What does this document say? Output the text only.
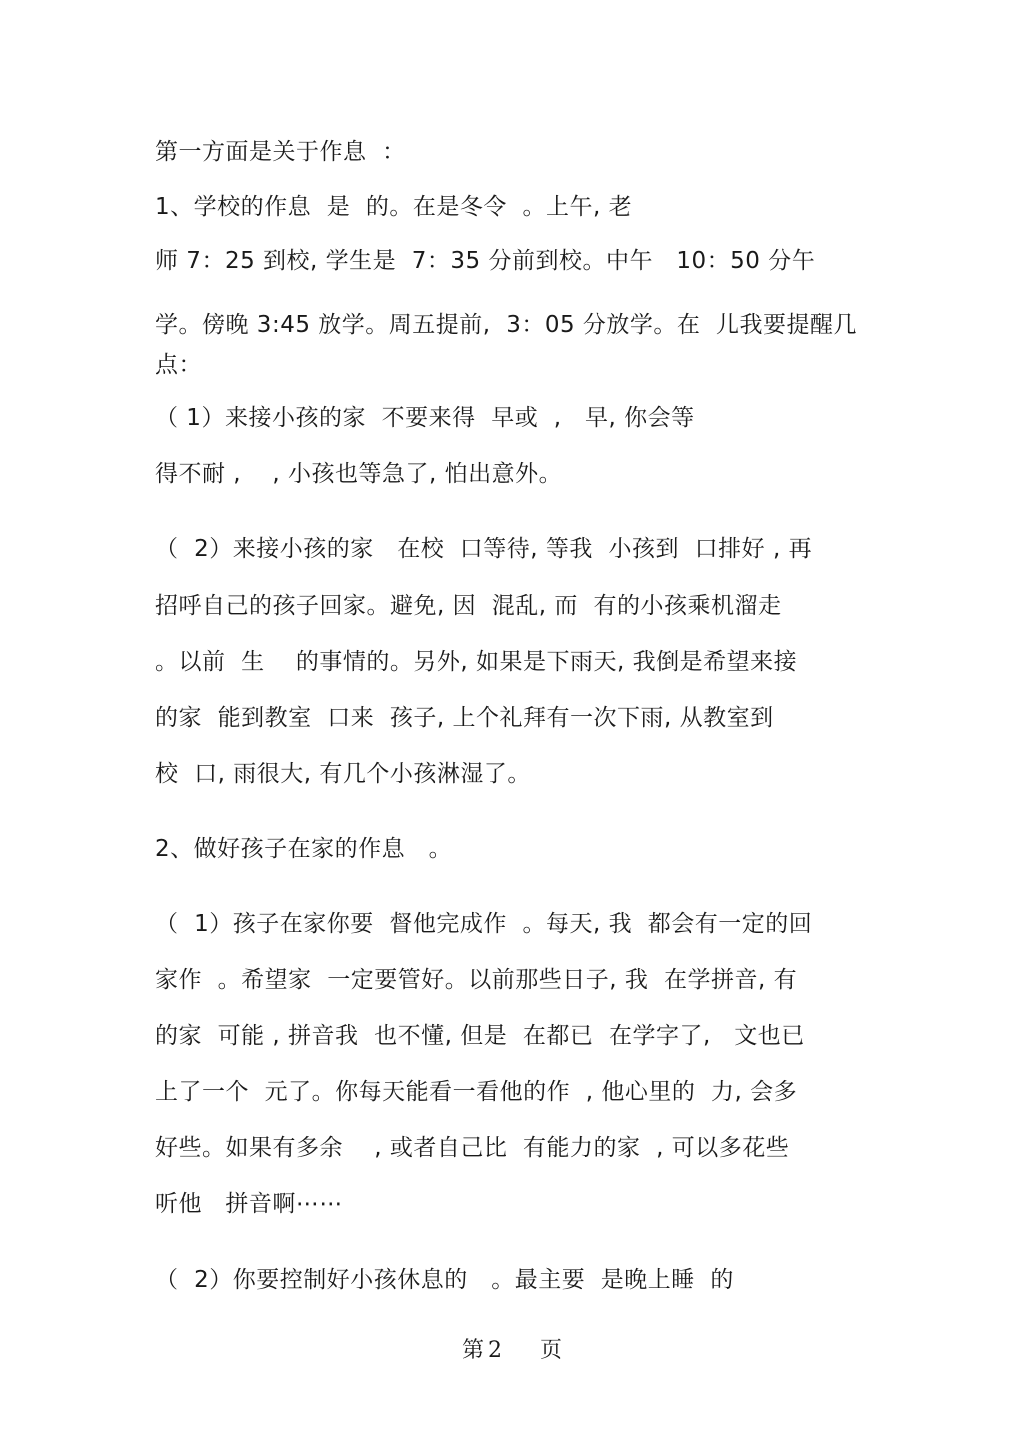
第一方面是关于作息  ：
1、学校的作息  是  的。在是冬令  。上午, 老
师 7：25 到校, 学生是  7：35 分前到校。中午   10：50 分午
学。傍晚 3:45 放学。周五提前,  3：05 分放学。在  儿我要提醒几
点：
（ 1）来接小孩的家  不要来得  早或  ,   早, 你会等
得不耐 ,    , 小孩也等急了, 怕出意外。
（  2）来接小孩的家   在校  口等待, 等我  小孩到  口排好 , 再
招呼自己的孩子回家。避免, 因  混乱, 而  有的小孩乘机溜走
。以前  生    的事情的。另外, 如果是下雨天, 我倒是希望来接
的家  能到教室  口来  孩子, 上个礼拜有一次下雨, 从教室到
校  口, 雨很大, 有几个小孩淋湿了。
2、做好孩子在家的作息   。
（  1）孩子在家你要  督他完成作  。每天, 我  都会有一定的回
家作  。希望家  一定要管好。以前那些日子, 我  在学拼音, 有
的家  可能 , 拼音我  也不懂, 但是  在都已  在学字了,   文也已
上了一个  元了。你每天能看一看他的作  , 他心里的  力, 会多
好些。如果有多余    , 或者自己比  有能力的家  , 可以多花些
听他   拼音啊⋯⋯
（  2）你要控制好小孩休息的   。最主要  是晚上睡  的
第 2 页
